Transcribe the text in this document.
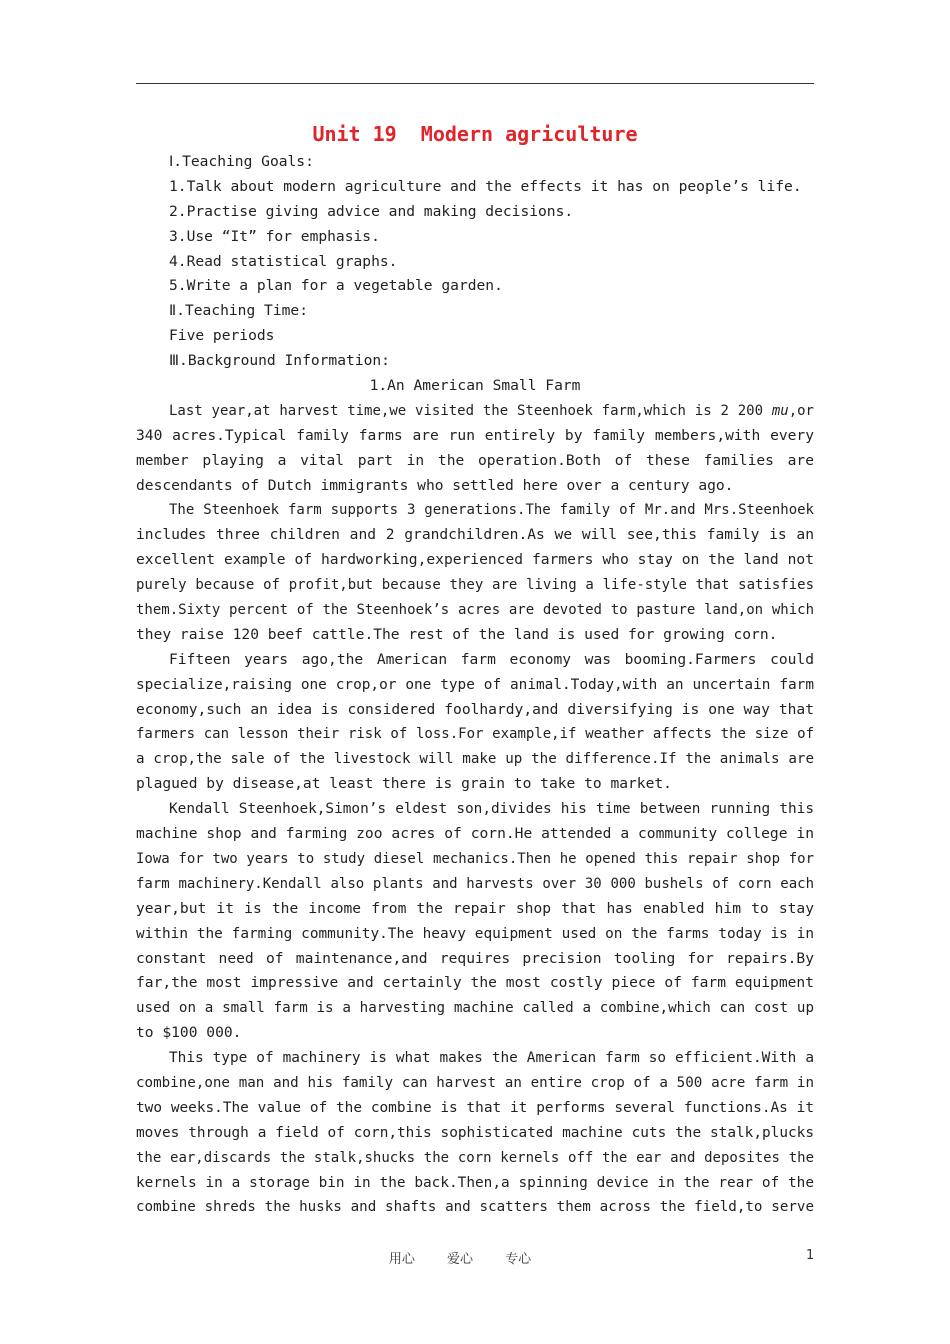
Unit 19  Modern agriculture
Ⅰ.Teaching Goals:
1.Talk about modern agriculture and the effects it has on people’s life.
2.Practise giving advice and making decisions.
3.Use “It” for emphasis.
4.Read statistical graphs.
5.Write a plan for a vegetable garden.
Ⅱ.Teaching Time:
Five periods
Ⅲ.Background Information:
1.An American Small Farm
Last year,at harvest time,we visited the Steenhoek farm,which is 2 200 mu,or
340 acres.Typical family farms are run entirely by family members,with every
member playing a vital part in the operation.Both of these families are
descendants of Dutch immigrants who settled here over a century ago.
The Steenhoek farm supports 3 generations.The family of Mr.and Mrs.Steenhoek
includes three children and 2 grandchildren.As we will see,this family is an
excellent example of hardworking,experienced farmers who stay on the land not
purely because of profit,but because they are living a life-style that satisfies
them.Sixty percent of the Steenhoek’s acres are devoted to pasture land,on which
they raise 120 beef cattle.The rest of the land is used for growing corn.
Fifteen years ago,the American farm economy was booming.Farmers could
specialize,raising one crop,or one type of animal.Today,with an uncertain farm
economy,such an idea is considered foolhardy,and diversifying is one way that
farmers can lesson their risk of loss.For example,if weather affects the size of
a crop,the sale of the livestock will make up the difference.If the animals are
plagued by disease,at least there is grain to take to market.
Kendall Steenhoek,Simon’s eldest son,divides his time between running this
machine shop and farming zoo acres of corn.He attended a community college in
Iowa for two years to study diesel mechanics.Then he opened this repair shop for
farm machinery.Kendall also plants and harvests over 30 000 bushels of corn each
year,but it is the income from the repair shop that has enabled him to stay
within the farming community.The heavy equipment used on the farms today is in
constant need of maintenance,and requires precision tooling for repairs.By
far,the most impressive and certainly the most costly piece of farm equipment
used on a small farm is a harvesting machine called a combine,which can cost up
to $100 000.
This type of machinery is what makes the American farm so efficient.With a
combine,one man and his family can harvest an entire crop of a 500 acre farm in
two weeks.The value of the combine is that it performs several functions.As it
moves through a field of corn,this sophisticated machine cuts the stalk,plucks
the ear,discards the stalk,shucks the corn kernels off the ear and deposites the
kernels in a storage bin in the back.Then,a spinning device in the rear of the
combine shreds the husks and shafts and scatters them across the field,to serve
用心 爱心 专心	1
